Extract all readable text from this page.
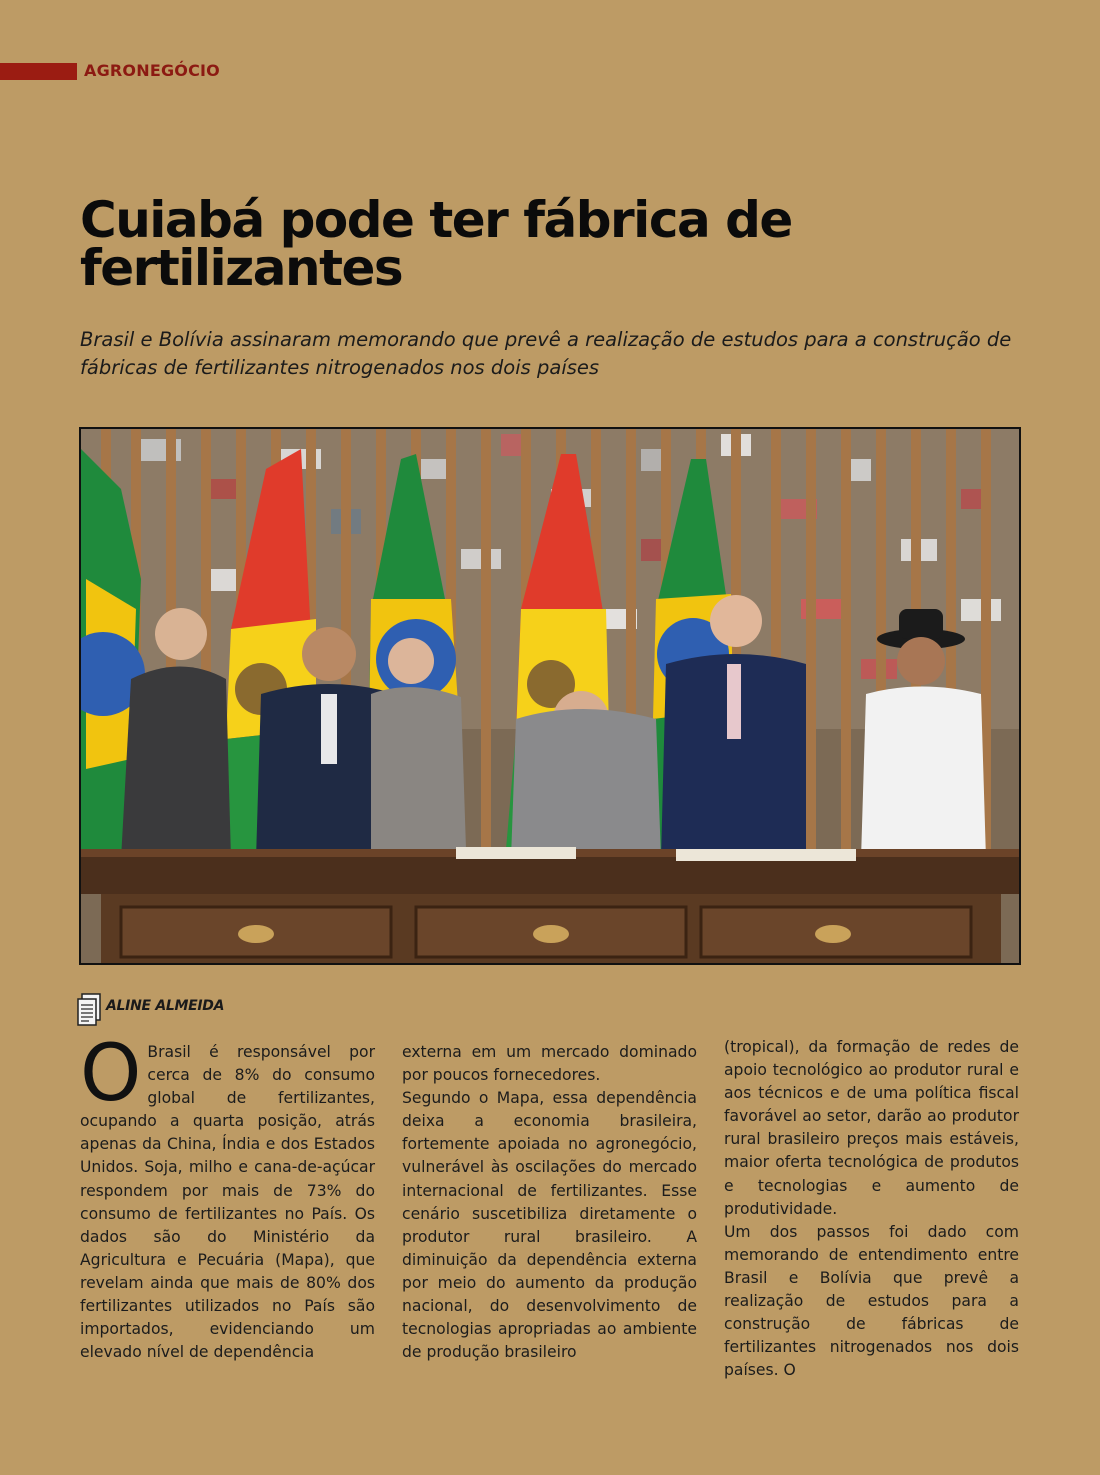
AGRONEGÓCIO
Cuiabá pode ter fábrica de fertilizantes

Brasil e Bolívia assinaram memorando que prevê a realização de estudos para a construção de fábricas de fertilizantes nitrogenados nos dois países

ALINE ALMEIDA

O Brasil é responsável por cerca de 8% do consumo global de fertilizantes, ocupando a quarta posição, atrás apenas da China, Índia e dos Estados Unidos. Soja, milho e cana-de-açúcar respondem por mais de 73% do consumo de fertilizantes no País. Os dados são do Ministério da Agricultura e Pecuária (Mapa), que revelam ainda que mais de 80% dos fertilizantes utilizados no País são importados, evidenciando um elevado nível de dependência

externa em um mercado dominado por poucos fornecedores.

Segundo o Mapa, essa dependência deixa a economia brasileira, fortemente apoiada no agronegócio, vulnerável às oscilações do mercado internacional de fertilizantes. Esse cenário suscetibiliza diretamente o produtor rural brasileiro. A diminuição da dependência externa por meio do aumento da produção nacional, do desenvolvimento de tecnologias apropriadas ao ambiente de produção brasileiro

(tropical), da formação de redes de apoio tecnológico ao produtor rural e aos técnicos e de uma política fiscal favorável ao setor, darão ao produtor rural brasileiro preços mais estáveis, maior oferta tecnológica de produtos e tecnologias e aumento de produtividade.

Um dos passos foi dado com memorando de entendimento entre Brasil e Bolívia que prevê a realização de estudos para a construção de fábricas de fertilizantes nitrogenados nos dois países. O
